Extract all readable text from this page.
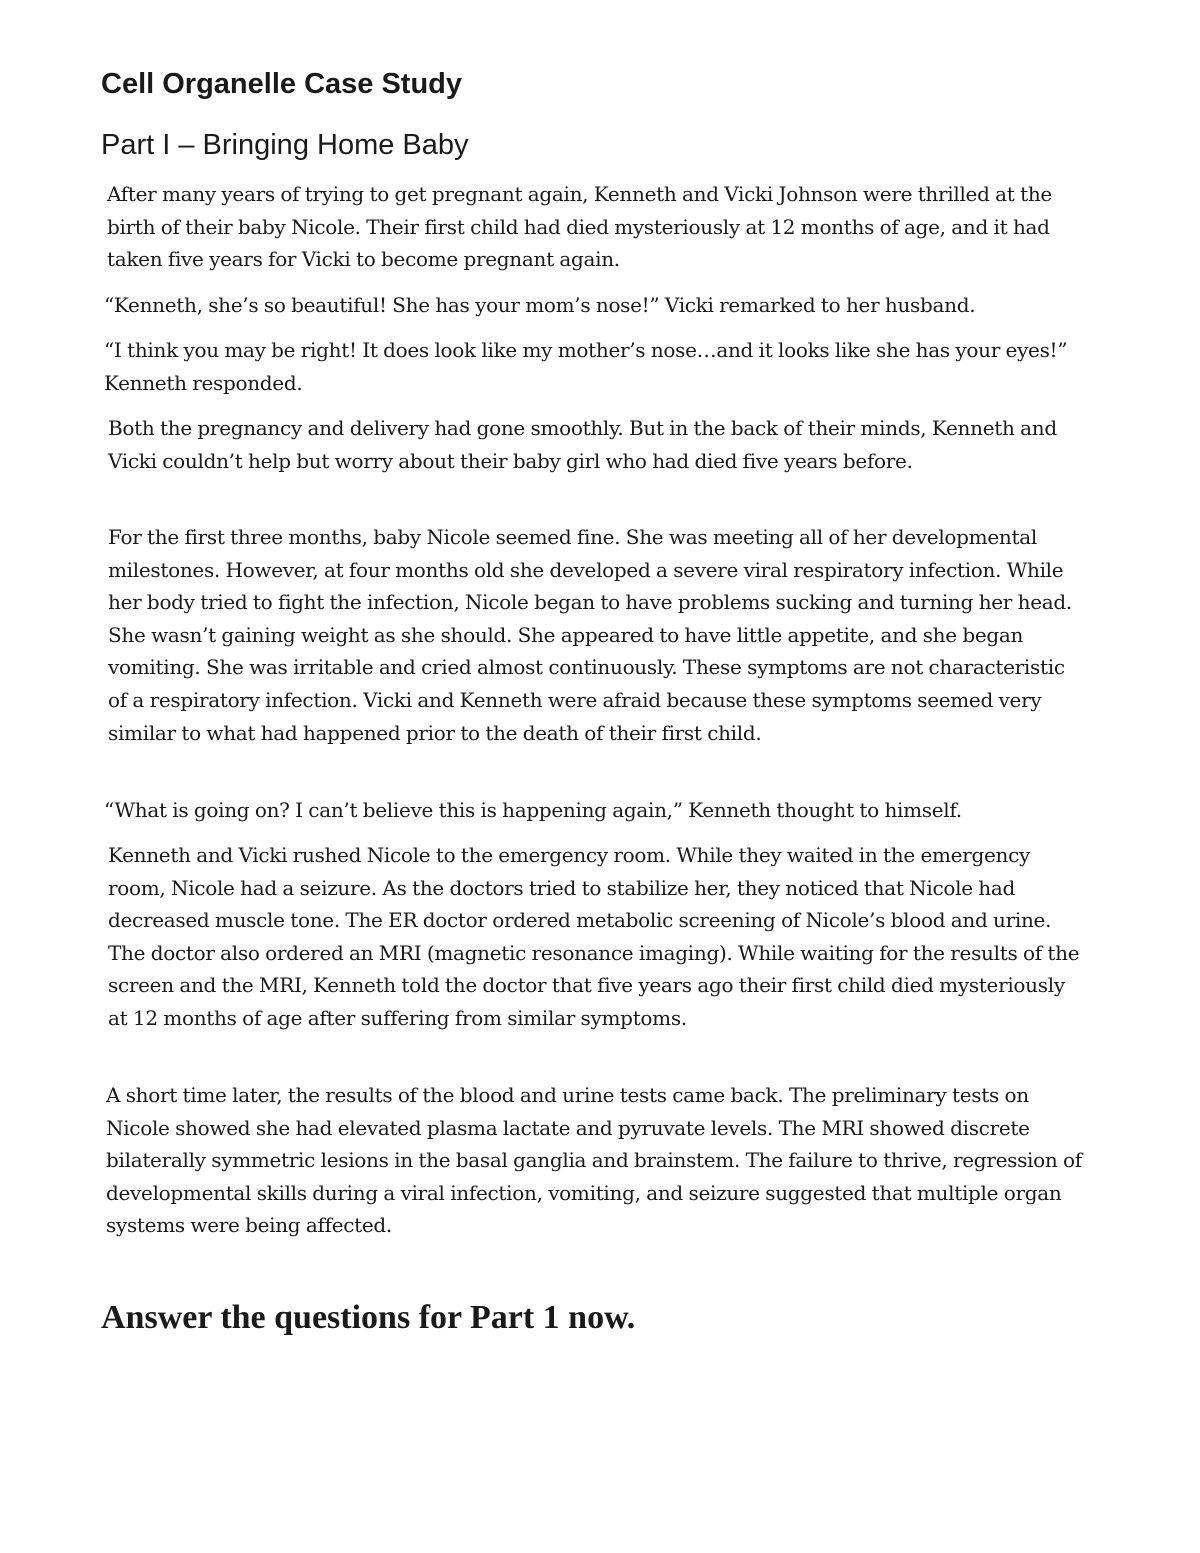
Cell Organelle Case Study
Part I – Bringing Home Baby

After many years of trying to get pregnant again, Kenneth and Vicki Johnson were thrilled at the birth of their baby Nicole. Their first child had died mysteriously at 12 months of age, and it had taken five years for Vicki to become pregnant again.

“Kenneth, she’s so beautiful! She has your mom’s nose!” Vicki remarked to her husband.

“I think you may be right! It does look like my mother’s nose…and it looks like she has your eyes!” Kenneth responded.

Both the pregnancy and delivery had gone smoothly. But in the back of their minds, Kenneth and Vicki couldn’t help but worry about their baby girl who had died five years before.

For the first three months, baby Nicole seemed fine. She was meeting all of her developmental milestones. However, at four months old she developed a severe viral respiratory infection. While her body tried to fight the infection, Nicole began to have problems sucking and turning her head. She wasn’t gaining weight as she should. She appeared to have little appetite, and she began vomiting. She was irritable and cried almost continuously. These symptoms are not characteristic of a respiratory infection. Vicki and Kenneth were afraid because these symptoms seemed very similar to what had happened prior to the death of their first child.

“What is going on? I can’t believe this is happening again,” Kenneth thought to himself.

Kenneth and Vicki rushed Nicole to the emergency room. While they waited in the emergency room, Nicole had a seizure. As the doctors tried to stabilize her, they noticed that Nicole had decreased muscle tone. The ER doctor ordered metabolic screening of Nicole’s blood and urine. The doctor also ordered an MRI (magnetic resonance imaging). While waiting for the results of the screen and the MRI, Kenneth told the doctor that five years ago their first child died mysteriously at 12 months of age after suffering from similar symptoms.

A short time later, the results of the blood and urine tests came back. The preliminary tests on Nicole showed she had elevated plasma lactate and pyruvate levels. The MRI showed discrete bilaterally symmetric lesions in the basal ganglia and brainstem. The failure to thrive, regression of developmental skills during a viral infection, vomiting, and seizure suggested that multiple organ systems were being affected.

Answer the questions for Part 1 now.
